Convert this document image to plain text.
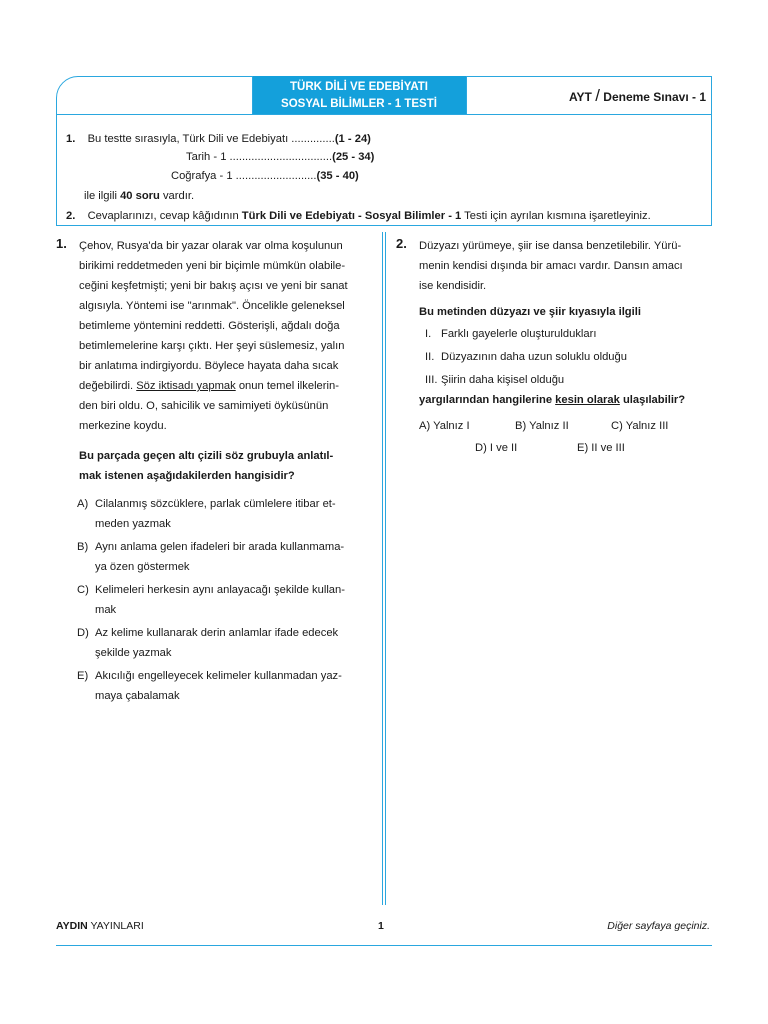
TÜRK DİLİ VE EDEBİYATI
SOSYAL BİLİMLER - 1 TESTİ	AYT / Deneme Sınavı - 1
1. Bu testte sırasıyla, Türk Dili ve Edebiyatı ..............(1 - 24)
Tarih - 1 .................................(25 - 34)
Coğrafya - 1 ..........................(35 - 40)
ile ilgili 40 soru vardır.
2. Cevaplarınızı, cevap kâğıdının Türk Dili ve Edebiyatı - Sosyal Bilimler - 1 Testi için ayrılan kısmına işaretleyiniz.
1. Çehov, Rusya'da bir yazar olarak var olma koşulunun
birikimi reddetmeden yeni bir biçimle mümkün olabile-
ceğini keşfetmişti; yeni bir bakış açısı ve yeni bir sanat
algısıyla. Yöntemi ise "arınmak". Öncelikle geleneksel
betimleme yöntemini reddetti. Gösterişli, ağdalı doğa
betimlemelerine karşı çıktı. Her şeyi süslemesiz, yalın
bir anlatıma indirgiyordu. Böylece hayata daha sıcak
değebilirdi. Söz iktisadı yapmak onun temel ilkelerin-
den biri oldu. O, sahicilik ve samimiyeti öyküsünün
merkezine koydu.
Bu parçada geçen altı çizili söz grubuyla anlatıl-
mak istenen aşağıdakilerden hangisidir?
A) Cilalanmış sözcüklere, parlak cümlelere itibar et-
meden yazmak
B) Aynı anlama gelen ifadeleri bir arada kullanmama-
ya özen göstermek
C) Kelimeleri herkesin aynı anlayacağı şekilde kullan-
mak
D) Az kelime kullanarak derin anlamlar ifade edecek
şekilde yazmak
E) Akıcılığı engelleyecek kelimeler kullanmadan yaz-
maya çabalamak
2. Düzyazı yürümeye, şiir ise dansa benzetilebilir. Yürü-
menin kendisi dışında bir amacı vardır. Dansın amacı
ise kendisidir.
Bu metinden düzyazı ve şiir kıyasıyla ilgili
I. Farklı gayelerle oluşturuldukları
II. Düzyazının daha uzun soluklu olduğu
III. Şiirin daha kişisel olduğu
yargılarından hangilerine kesin olarak ulaşılabilir?
A) Yalnız I	B) Yalnız II	C) Yalnız III
D) I ve II	E) II ve III
AYDIN YAYINLARI	1	Diğer sayfaya geçiniz.
